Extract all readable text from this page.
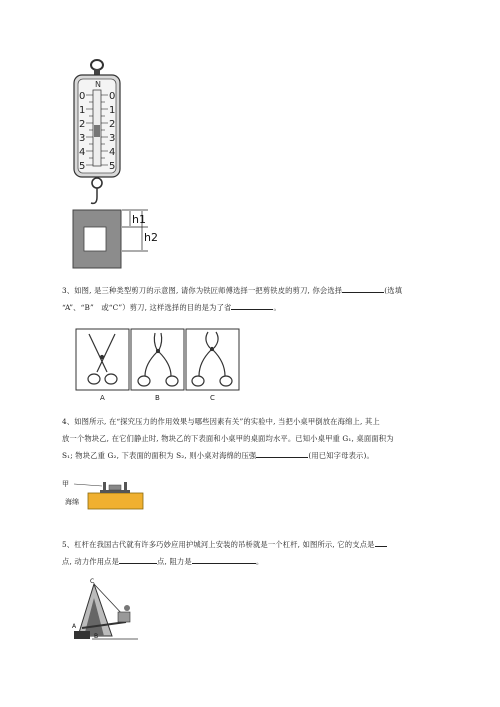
N
0 0
1 1
2 2
3 3
4 4
5 5
h1
h2
3、如图, 是三种类型剪刀的示意图, 请你为铁匠师傅选择一把剪铁皮的剪刀, 你会选择	(选填
“A”、“B”　或“C”）剪刀, 这样选择的目的是为了省	。
A	B	C
4、如图所示, 在“探究压力的作用效果与哪些因素有关”的实验中, 当把小桌甲倒放在海绵上, 其上
放一个物块乙, 在它们静止时, 物块乙的下表面和小桌甲的桌面均水平。已知小桌甲重 G₁, 桌面面积为
S₁; 物块乙重 G₂, 下表面的面积为 S₂, 则小桌对海绵的压强	(用已知字母表示)。
甲
海绵
5、杠杆在我国古代就有许多巧妙应用护城河上安装的吊桥就是一个杠杆, 如图所示, 它的支点是
点, 动力作用点是	点, 阻力是	。
C
A
B
